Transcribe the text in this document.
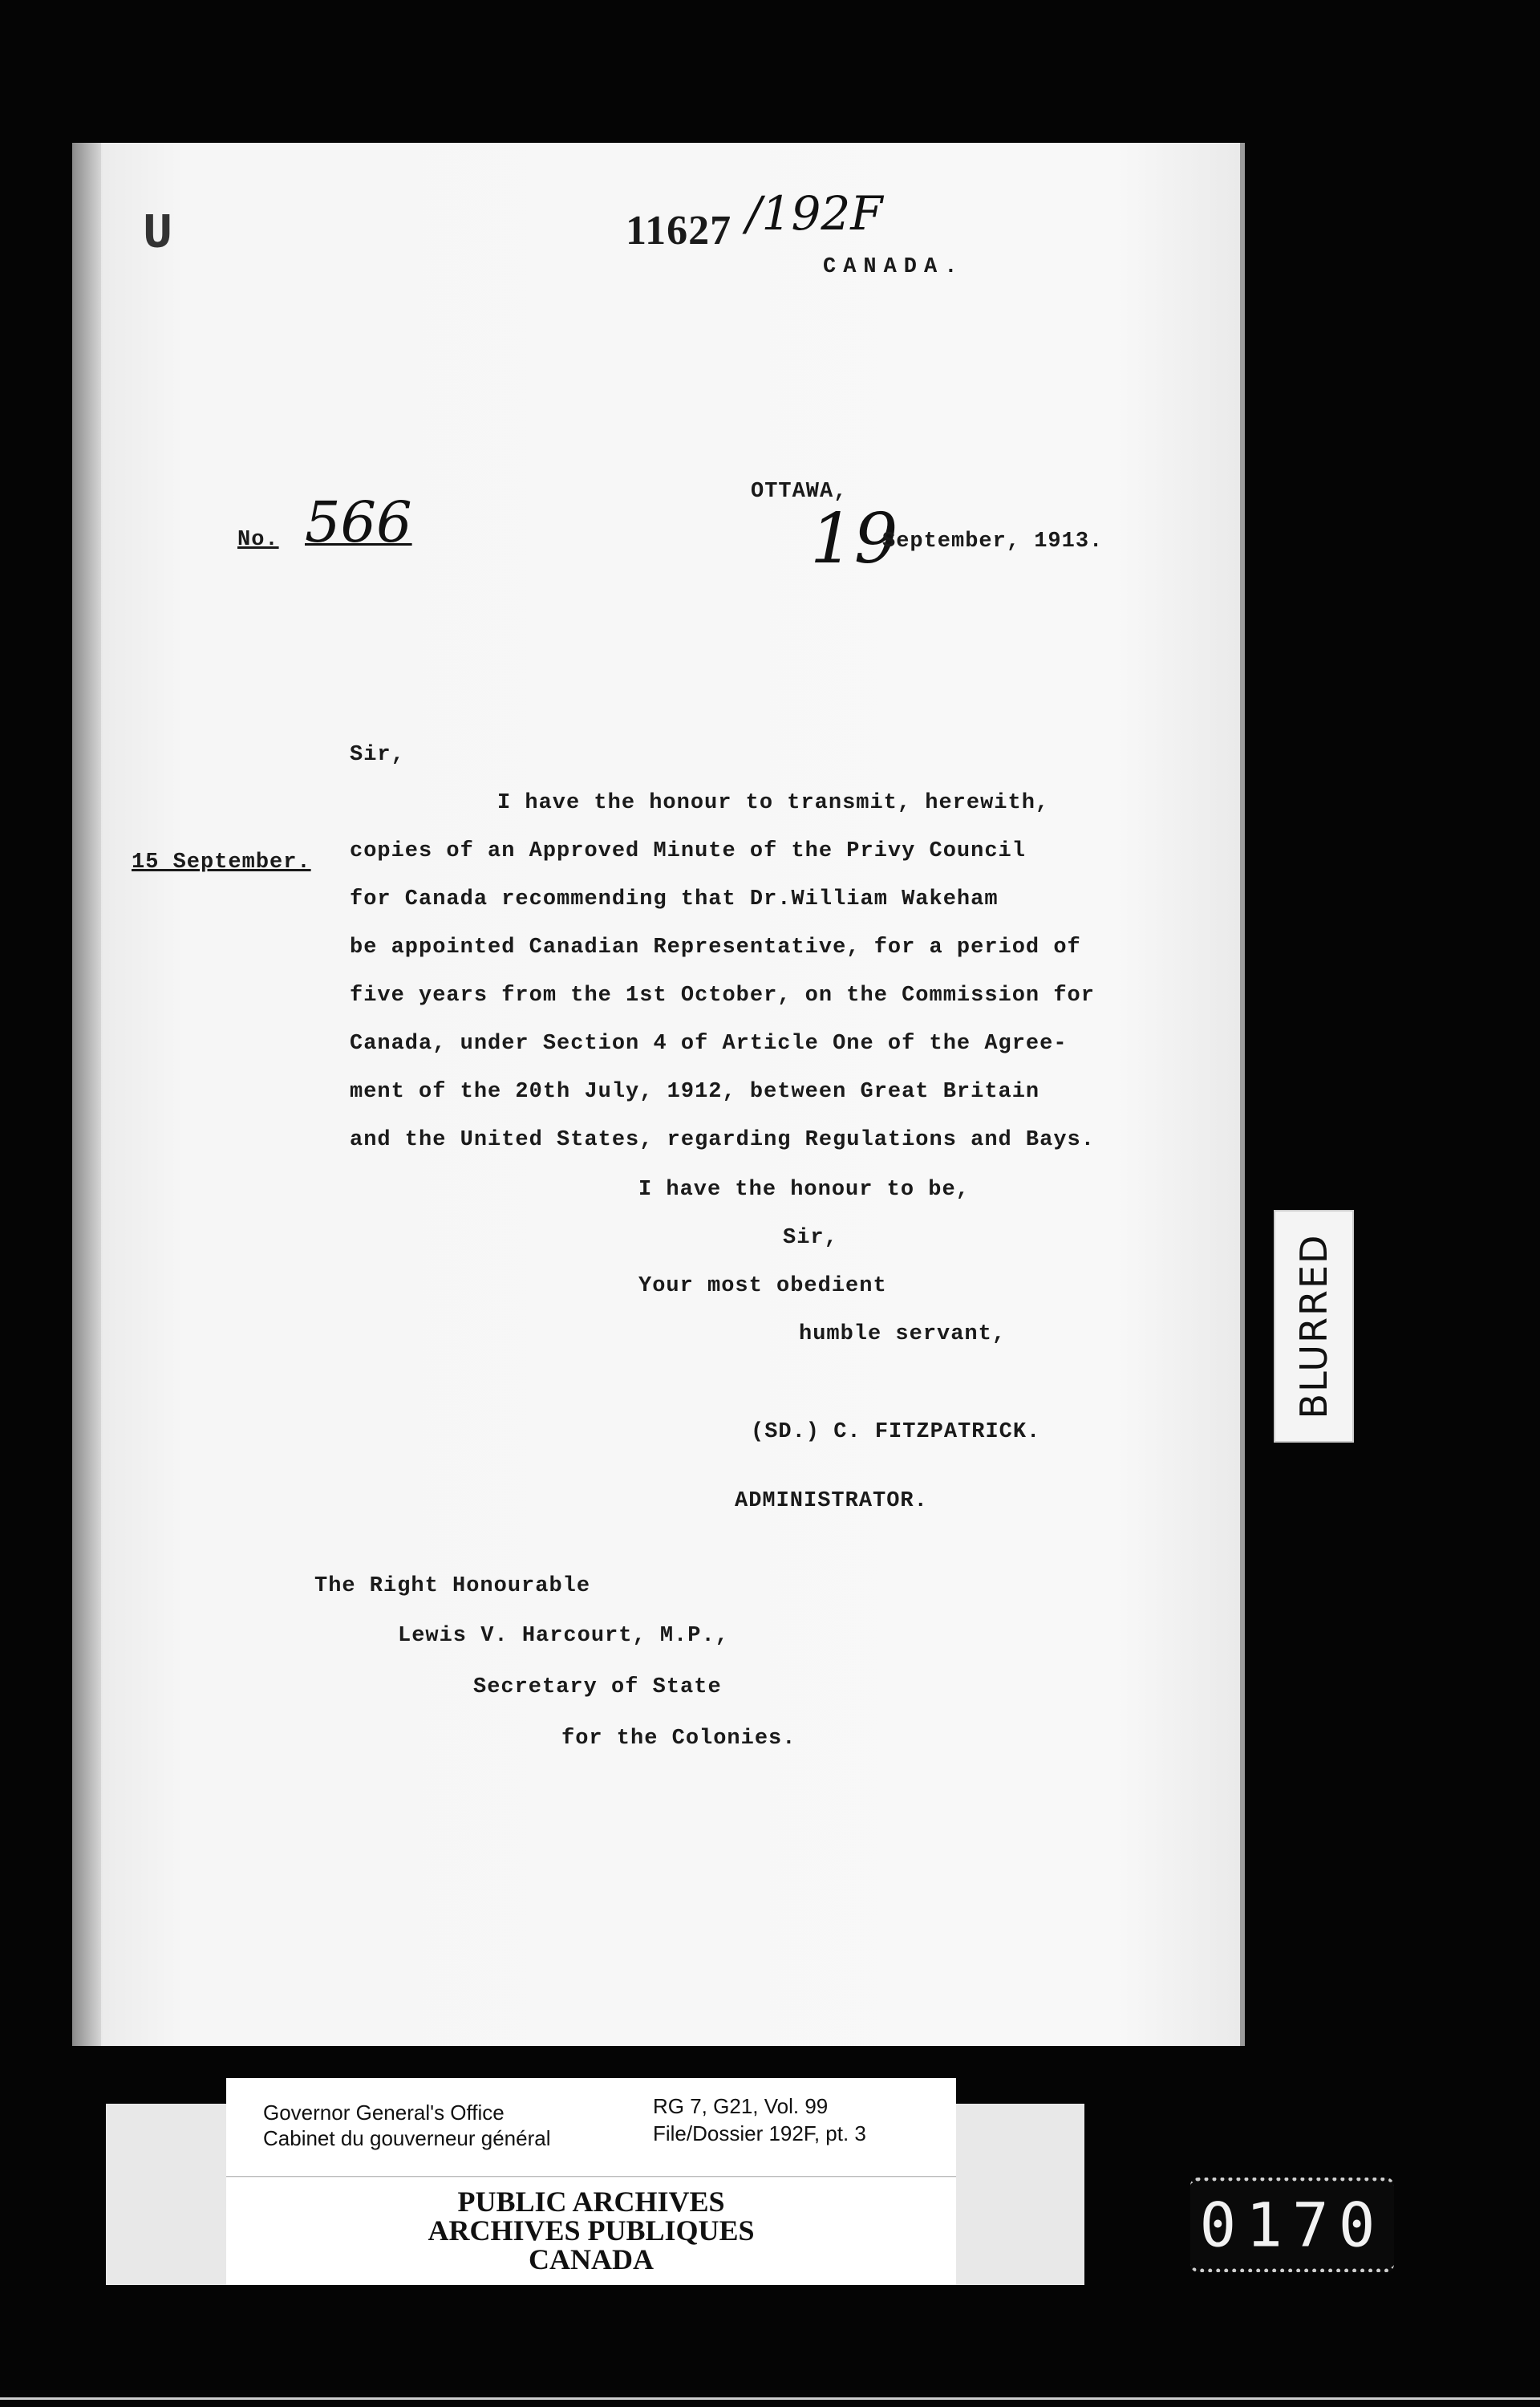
U	11627 /192F
CANADA.
OTTAWA,
19
September, 1913.
No. 566
15 September.
Sir,
I have the honour to transmit, herewith,
copies of an Approved Minute of the Privy Council
for Canada recommending that Dr.William Wakeham
be appointed Canadian Representative, for a period of
five years from the 1st October, on the Commission for
Canada, under Section 4 of Article One of the Agree-
ment of the 20th July, 1912, between Great Britain
and the United States, regarding Regulations and Bays.
I have the honour to be,
Sir,
Your most obedient
humble servant,
(SD.) C. FITZPATRICK.
ADMINISTRATOR.
The Right Honourable
Lewis V. Harcourt, M.P.,
Secretary of State
for the Colonies.
BLURRED
Governor General's Office
Cabinet du gouverneur général
RG 7, G21, Vol. 99
File/Dossier 192F, pt. 3
PUBLIC ARCHIVES
ARCHIVES PUBLIQUES
CANADA	0170
